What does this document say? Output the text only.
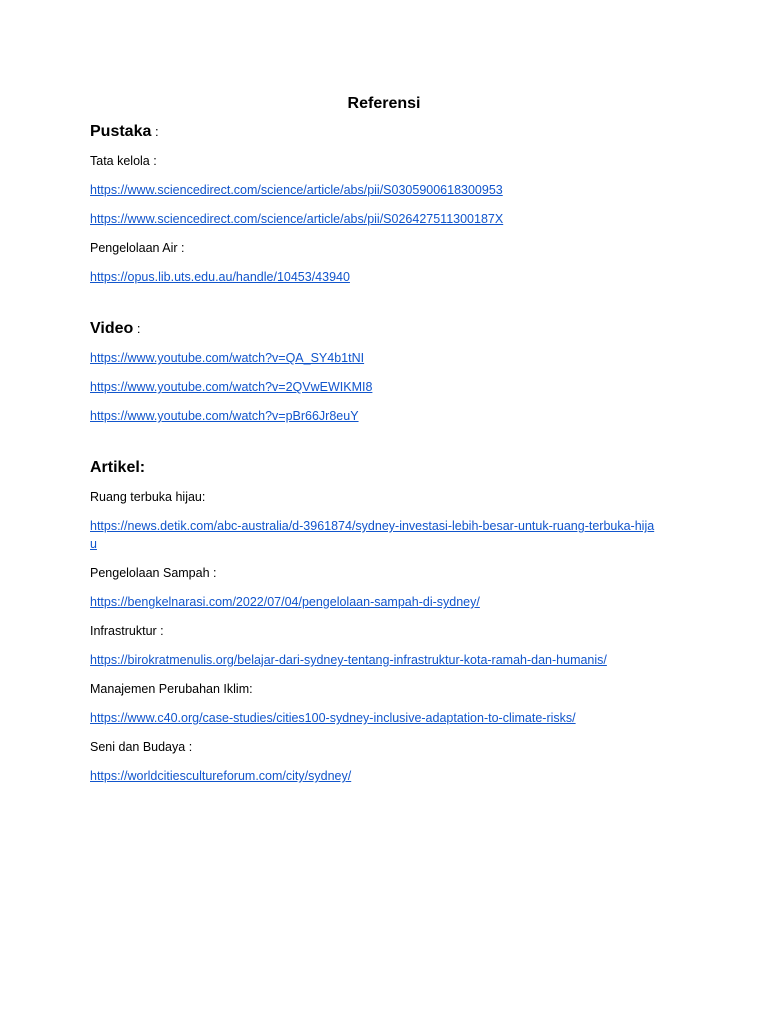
Referensi
Pustaka :
Tata kelola :
https://www.sciencedirect.com/science/article/abs/pii/S0305900618300953
https://www.sciencedirect.com/science/article/abs/pii/S026427511300187X
Pengelolaan Air :
https://opus.lib.uts.edu.au/handle/10453/43940
Video :
https://www.youtube.com/watch?v=QA_SY4b1tNI
https://www.youtube.com/watch?v=2QVwEWIKMI8
https://www.youtube.com/watch?v=pBr66Jr8euY
Artikel:
Ruang terbuka hijau:
https://news.detik.com/abc-australia/d-3961874/sydney-investasi-lebih-besar-untuk-ruang-terbuka-hijau
Pengelolaan Sampah :
https://bengkelnarasi.com/2022/07/04/pengelolaan-sampah-di-sydney/
Infrastruktur :
https://birokratmenulis.org/belajar-dari-sydney-tentang-infrastruktur-kota-ramah-dan-humanis/
Manajemen Perubahan Iklim:
https://www.c40.org/case-studies/cities100-sydney-inclusive-adaptation-to-climate-risks/
Seni dan Budaya :
https://worldcitiescultureforum.com/city/sydney/
